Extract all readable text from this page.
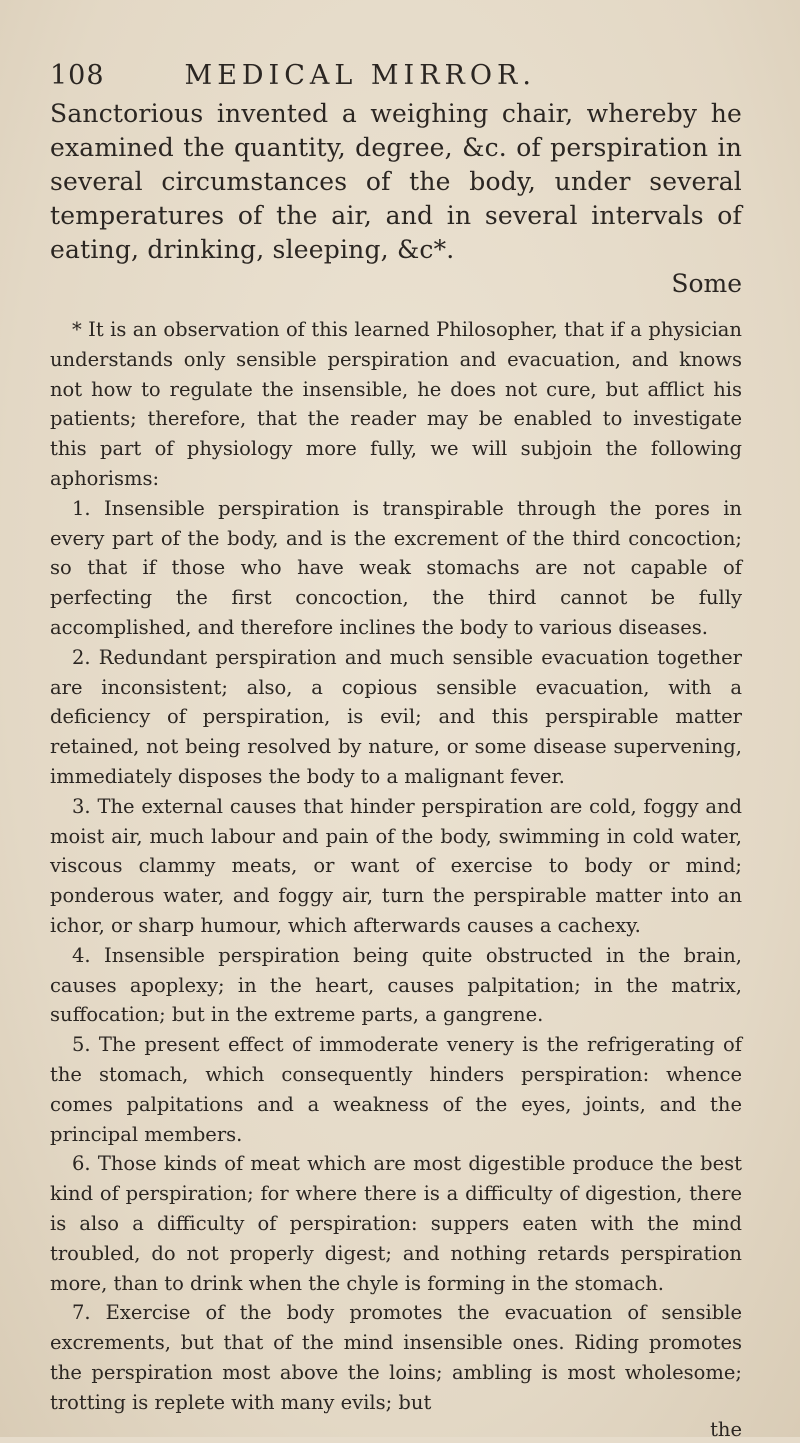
108	MEDICAL MIRROR.

Sanctorious invented a weighing chair, whereby he examined the quantity, degree, &c. of perspiration in several circumstances of the body, under several temperatures of the air, and in several intervals of eating, drinking, sleeping, &c*.

Some

* It is an observation of this learned Philosopher, that if a physician understands only sensible perspiration and evacuation, and knows not how to regulate the insensible, he does not cure, but afflict his patients; therefore, that the reader may be enabled to investigate this part of physiology more fully, we will subjoin the following aphorisms:

1. Insensible perspiration is transpirable through the pores in every part of the body, and is the excrement of the third concoction; so that if those who have weak stomachs are not capable of perfecting the first concoction, the third cannot be fully accomplished, and therefore inclines the body to various diseases.

2. Redundant perspiration and much sensible evacuation together are inconsistent; also, a copious sensible evacuation, with a deficiency of perspiration, is evil; and this perspirable matter retained, not being resolved by nature, or some disease supervening, immediately disposes the body to a malignant fever.

3. The external causes that hinder perspiration are cold, foggy and moist air, much labour and pain of the body, swimming in cold water, viscous clammy meats, or want of exercise to body or mind; ponderous water, and foggy air, turn the perspirable matter into an ichor, or sharp humour, which afterwards causes a cachexy.

4. Insensible perspiration being quite obstructed in the brain, causes apoplexy; in the heart, causes palpitation; in the matrix, suffocation; but in the extreme parts, a gangrene.

5. The present effect of immoderate venery is the refrigerating of the stomach, which consequently hinders perspiration: whence comes palpitations and a weakness of the eyes, joints, and the principal members.

6. Those kinds of meat which are most digestible produce the best kind of perspiration; for where there is a difficulty of digestion, there is also a difficulty of perspiration: suppers eaten with the mind troubled, do not properly digest; and nothing retards perspiration more, than to drink when the chyle is forming in the stomach.

7. Exercise of the body promotes the evacuation of sensible excrements, but that of the mind insensible ones. Riding promotes the perspiration most above the loins; ambling is most wholesome; trotting is replete with many evils; but

the
